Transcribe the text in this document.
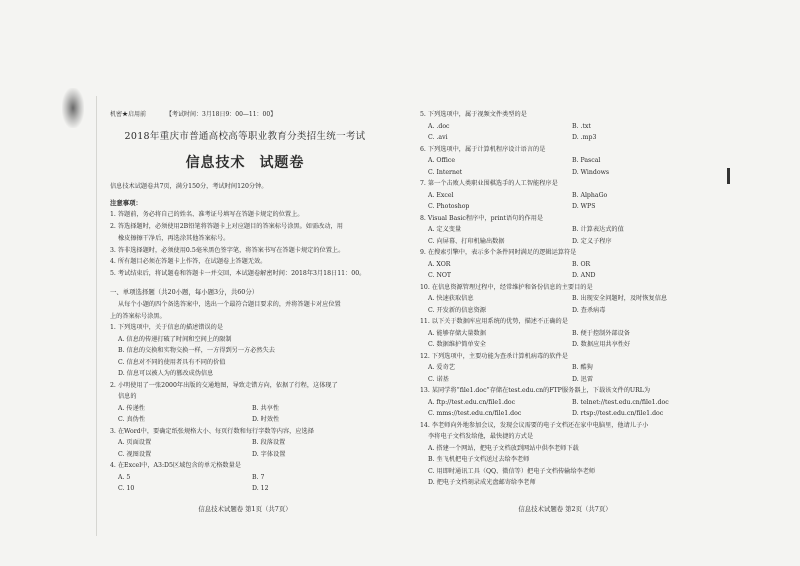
机密★启用前	【考试时间：3月18日9：00—11：00】
2018年重庆市普通高校高等职业教育分类招生统一考试
信息技术 试题卷
信息技术试题卷共7页，满分150分，考试时间120分钟。
注意事项：
1. 答题前，务必将自己的姓名、准考证号填写在答题卡规定的位置上。
2. 答选择题时，必须使用2B铅笔将答题卡上对应题目的答案标号涂黑。如需改动，用
橡皮擦擦干净后，再选涂其他答案标号。
3. 答非选择题时，必须使用0.5毫米黑色签字笔，将答案书写在答题卡规定的位置上。
4. 所有题目必须在答题卡上作答，在试题卷上答题无效。
5. 考试结束后，将试题卷和答题卡一并交回，本试题卷解密时间：2018年3月18日11：00。
一、单项选择题（共20小题，每小题3分，共60分）
从每个小题的四个备选答案中，选出一个最符合题目要求的，并将答题卡对应位置
上的答案标号涂黑。
1. 下列选项中，关于信息的描述错误的是
A. 信息的传递打破了时间和空间上的限制
B. 信息的交换和实物交换一样，一方得到另一方必然失去
C. 信息对不同的使用者具有不同的价值
D. 信息可以被人为的篡改成伪信息
2. 小明使用了一张2000年出版的交通地图，导致走错方向，依据了行程，这体现了
信息的
A. 传递性	B. 共享性
C. 真伪性	D. 时效性
3. 在Word中，要确定纸张规格大小、每页行数和每行字数等内容，应选择
A. 页面设置	B. 段落设置
C. 视图设置	D. 字体设置
4. 在Excel中，A3:D5区域包含的单元格数量是
A. 5	B. 7
C. 10	D. 12
信息技术试题卷 第1页（共7页）
5. 下列选项中，属于视频文件类型的是
A. .doc	B. .txt
C. .avi	D. .mp3
6. 下列选项中，属于计算机程序设计语言的是
A. Office	B. Pascal
C. Internet	D. Windows
7. 第一个击败人类职业围棋选手的人工智能程序是
A. Excel	B. AlphaGo
C. Photoshop	D. WPS
8. Visual Basic程序中，print语句的作用是
A. 定义变量	B. 计算表达式的值
C. 向屏幕、打印机输出数据	D. 定义子程序
9. 在搜索引擎中，表示多个条件同时满足的逻辑运算符是
A. XOR	B. OR
C. NOT	D. AND
10. 在信息资源管理过程中，经常维护和备份信息的主要目的是
A. 快速获取信息	B. 出现安全问题时，及时恢复信息
C. 开发新的信息资源	D. 查杀病毒
11. 以下关于数据库应用系统的优势，描述不正确的是
A. 能够存储大量数据	B. 便于控制外部设备
C. 数据维护简单安全	D. 数据应用共享性好
12. 下列选项中，主要功能为查杀计算机病毒的软件是
A. 爱奇艺	B. 酷狗
C. 诺基	D. 迅雷
13. 某同学将“file1.doc”存储在test.edu.cn的FTP服务器上，下载该文件的URL为
A. ftp://test.edu.cn/file1.doc	B. telnet://test.edu.cn/file1.doc
C. mms://test.edu.cn/file1.doc	D. rtsp://test.edu.cn/file1.doc
14. 李老师向外地参加会议，发现会议需要的电子文档还在家中电脑里，他请儿子小
李将电子文档发给他，最快捷的方式是
A. 搭建一个网站，把电子文档放到网站中供李老师下载
B. 坐飞机把电子文档送过去给李老师
C. 用即时通讯工具（QQ、微信等）把电子文档传输给李老师
D. 把电子文档刻录成光盘邮寄给李老师
信息技术试题卷 第2页（共7页）
